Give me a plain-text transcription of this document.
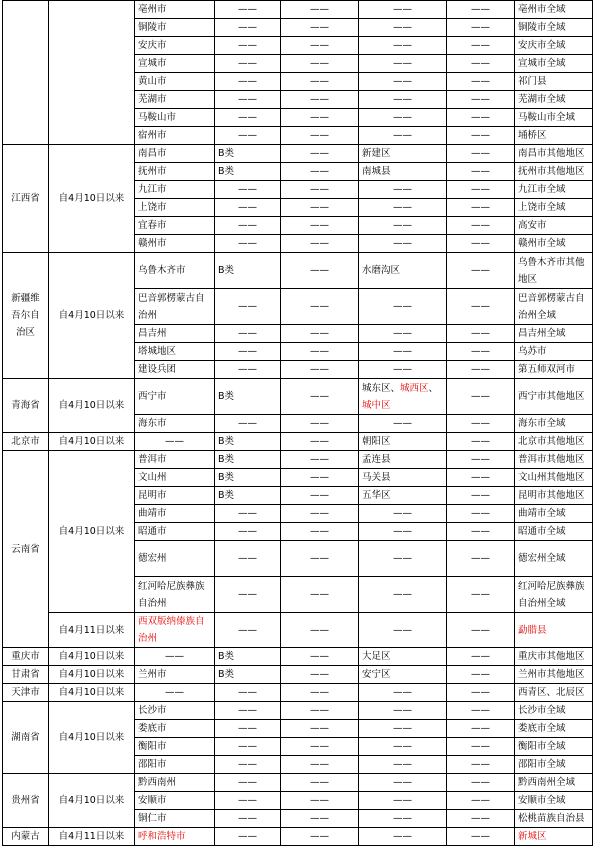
		亳州市	——	——	——	——	亳州市全域
		铜陵市	——	——	——	——	铜陵市全域
		安庆市	——	——	——	——	安庆市全域
		宣城市	——	——	——	——	宣城市全域
		黄山市	——	——	——	——	祁门县
		芜湖市	——	——	——	——	芜湖市全域
		马鞍山市	——	——	——	——	马鞍山市全域
		宿州市	——	——	——	——	埇桥区
江西省	自4月10日以来	南昌市	B类	——	新建区	——	南昌市其他地区
		抚州市	B类	——	南城县	——	抚州市其他地区
		九江市	——	——	——	——	九江市全域
		上饶市	——	——	——	——	上饶市全域
		宜春市	——	——	——	——	高安市
		赣州市	——	——	——	——	赣州市全域
新疆维吾尔自治区	自4月10日以来	乌鲁木齐市	B类	——	水磨沟区	——	乌鲁木齐市其他地区
		巴音郭楞蒙古自治州	——	——	——	——	巴音郭楞蒙古自治州全域
		昌吉州	——	——	——	——	昌吉州全域
		塔城地区	——	——	——	——	乌苏市
		建设兵团	——	——	——	——	第五师双河市
青海省	自4月10日以来	西宁市	B类	——	城东区 、 城西区、 城中区	——	西宁市其他地区
		海东市	——	——	——	——	海东市全域
北京市	自4月10日以来	——	B类	——	朝阳区	——	北京市其他地区
云南省	自4月10日以来	普洱市	B类	——	孟连县	——	普洱市其他地区
		文山州	B类	——	马关县	——	文山州其他地区
		昆明市	B类	——	五华区	——	昆明市其他地区
		曲靖市	——	——	——	——	曲靖市全域
		昭通市	——	——	——	——	昭通市全域
		德宏州	——	——	——	——	德宏州全域
		红河哈尼族彝族自治州	——	——	——	——	红河哈尼族彝族自治州全域
	自4月11日以来	西双版纳傣族自治州	——	——	——	——	勐腊县
重庆市	自4月10日以来	——	B类	——	大足区	——	重庆市其他地区
甘肃省	自4月10日以来	兰州市	B类	——	安宁区	——	兰州市其他地区
天津市	自4月10日以来	——	——	——	——	——	西青区、北辰区
湖南省	自4月10日以来	长沙市	——	——	——	——	长沙市全域
		娄底市	——	——	——	——	娄底市全域
		衡阳市	——	——	——	——	衡阳市全域
		邵阳市	——	——	——	——	邵阳市全域
贵州省	自4月10日以来	黔西南州	——	——	——	——	黔西南州全域
		安顺市	——	——	——	——	安顺市全域
		铜仁市	——	——	——	——	松桃苗族自治县
内蒙古	自4月11日以来	呼和浩特市	——	——	——	——	新城区
